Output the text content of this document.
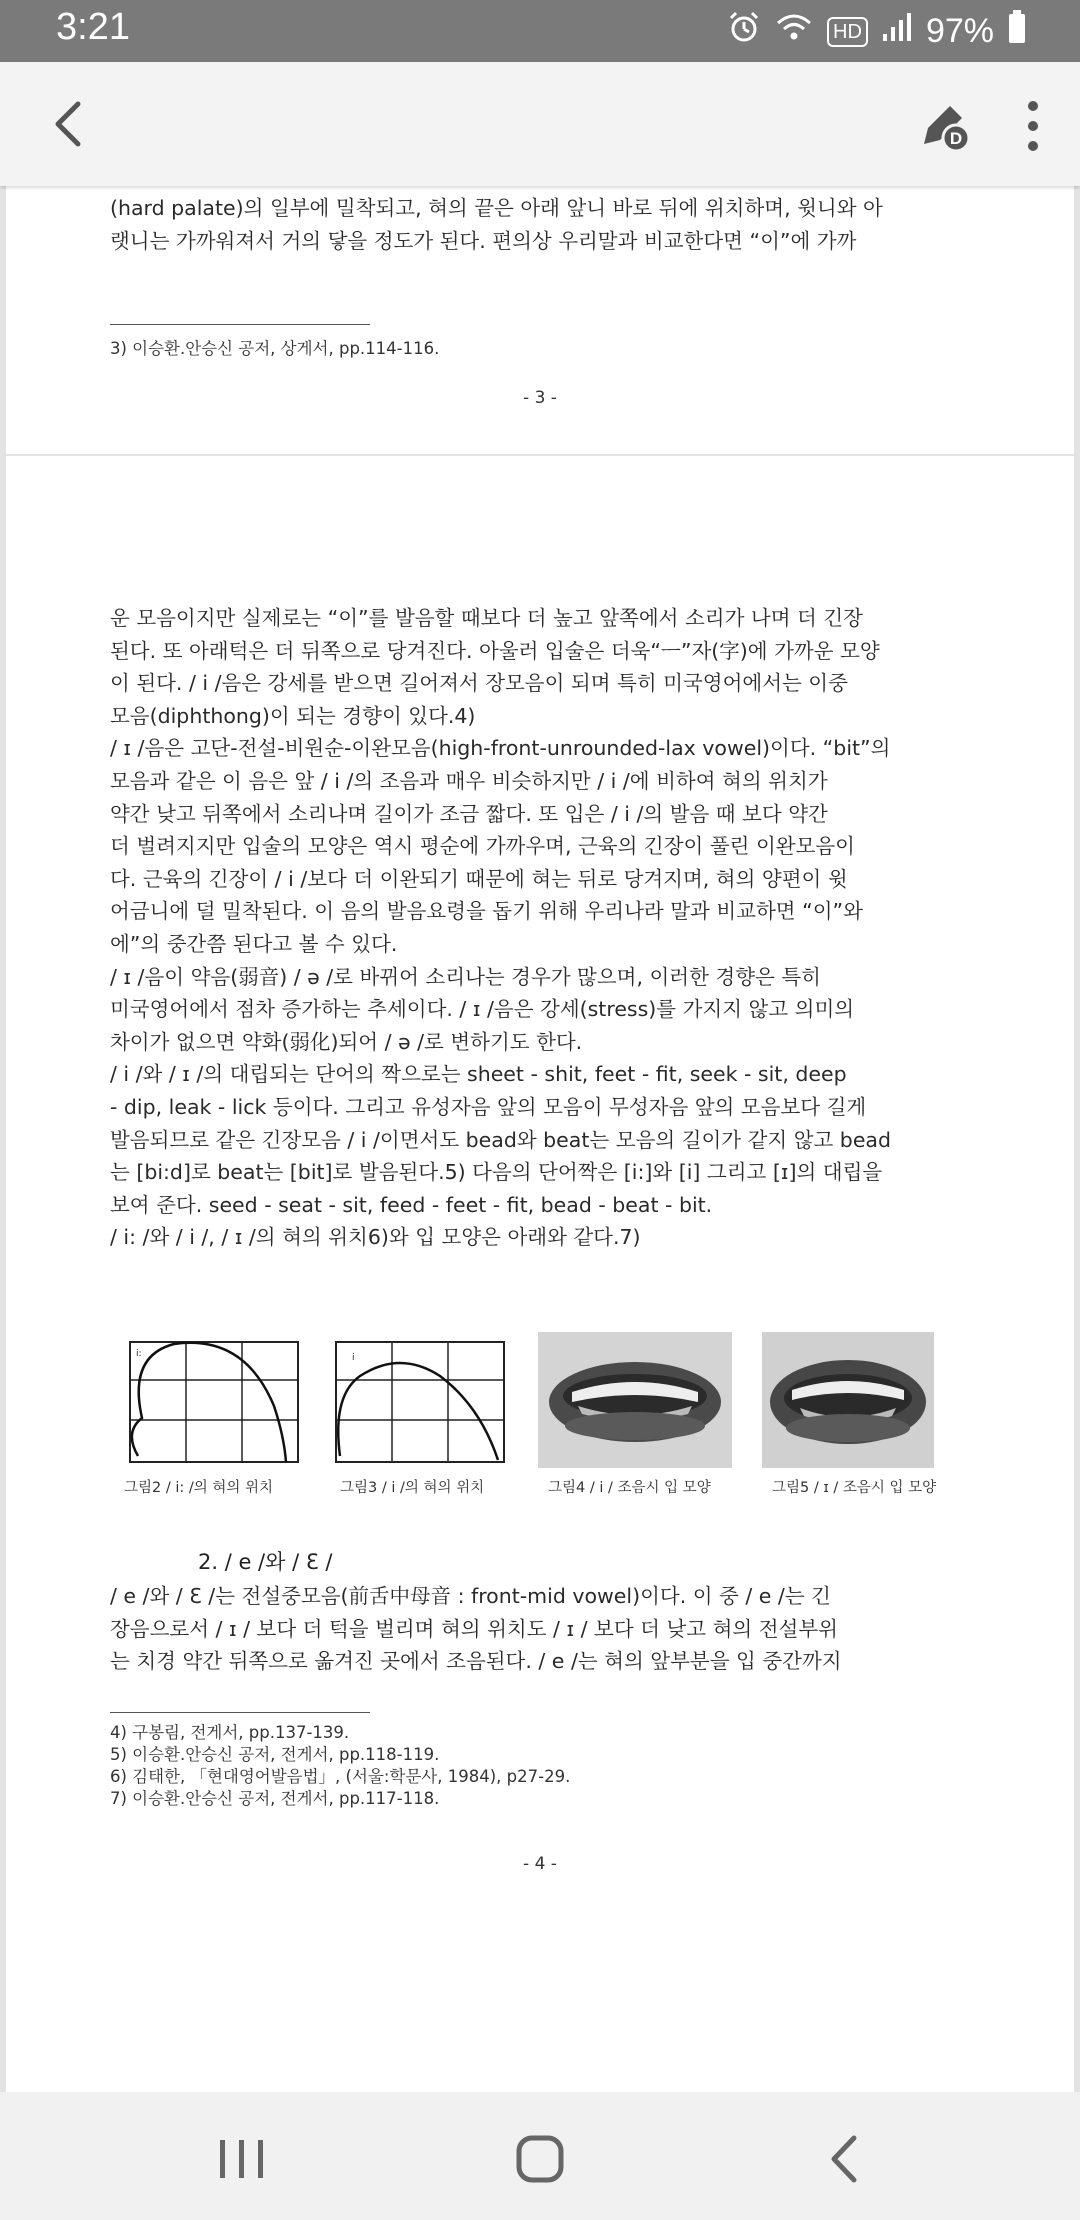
3:21	HD 97%
D
(hard palate)의 일부에 밀착되고, 혀의 끝은 아래 앞니 바로 뒤에 위치하며, 윗니와 아
랫니는 가까워져서 거의 닿을 정도가 된다. 편의상 우리말과 비교한다면 “이”에 가까
3) 이승환.안승신 공저, 상게서, pp.114-116.
- 3 -
운 모음이지만 실제로는 “이”를 발음할 때보다 더 높고 앞쪽에서 소리가 나며 더 긴장
된다. 또 아래턱은 더 뒤쪽으로 당겨진다. 아울러 입술은 더욱“ㅡ”자(字)에 가까운 모양
이 된다. / i /음은 강세를 받으면 길어져서 장모음이 되며 특히 미국영어에서는 이중
모음(diphthong)이 되는 경향이 있다.4)
/ ɪ /음은 고단-전설-비원순-이완모음(high-front-unrounded-lax vowel)이다. “bit”의
모음과 같은 이 음은 앞 / i /의 조음과 매우 비슷하지만 / i /에 비하여 혀의 위치가
약간 낮고 뒤쪽에서 소리나며 길이가 조금 짧다. 또 입은 / i /의 발음 때 보다 약간
더 벌려지지만 입술의 모양은 역시 평순에 가까우며, 근육의 긴장이 풀린 이완모음이
다. 근육의 긴장이 / i /보다 더 이완되기 때문에 혀는 뒤로 당겨지며, 혀의 양편이 윗
어금니에 덜 밀착된다. 이 음의 발음요령을 돕기 위해 우리나라 말과 비교하면 “이”와
에”의 중간쯤 된다고 볼 수 있다.
/ ɪ /음이 약음(弱音) / ə /로 바뀌어 소리나는 경우가 많으며, 이러한 경향은 특히
미국영어에서 점차 증가하는 추세이다. / ɪ /음은 강세(stress)를 가지지 않고 의미의
차이가 없으면 약화(弱化)되어 / ə /로 변하기도 한다.
/ i /와 / ɪ /의 대립되는 단어의 짝으로는 sheet - shit, feet - fit, seek - sit, deep
- dip, leak - lick 등이다. 그리고 유성자음 앞의 모음이 무성자음 앞의 모음보다 길게
발음되므로 같은 긴장모음 / i /이면서도 bead와 beat는 모음의 길이가 같지 않고 bead
는 [bi:d]로 beat는 [bit]로 발음된다.5) 다음의 단어짝은 [i:]와 [i] 그리고 [ɪ]의 대립을
보여 준다. seed - seat - sit, feed - feet - fit, bead - beat - bit.
/ i: /와 / i /, / ɪ /의 혀의 위치6)와 입 모양은 아래와 같다.7)
i:
그림2 / i: /의 혀의 위치
i
그림3 / i /의 혀의 위치	그림4 / i / 조음시 입 모양	그림5 / ɪ / 조음시 입 모양
2. / e /와 / Ɛ /
/ e /와 / Ɛ /는 전설중모음(前舌中母音 : front-mid vowel)이다. 이 중 / e /는 긴
장음으로서 / ɪ / 보다 더 턱을 벌리며 혀의 위치도 / ɪ / 보다 더 낮고 혀의 전설부위
는 치경 약간 뒤쪽으로 옮겨진 곳에서 조음된다. / e /는 혀의 앞부분을 입 중간까지
4) 구봉림, 전게서, pp.137-139.
5) 이승환.안승신 공저, 전게서, pp.118-119.
6) 김태한, 「현대영어발음법」, (서울:학문사, 1984), p27-29.
7) 이승환.안승신 공저, 전게서, pp.117-118.
- 4 -
